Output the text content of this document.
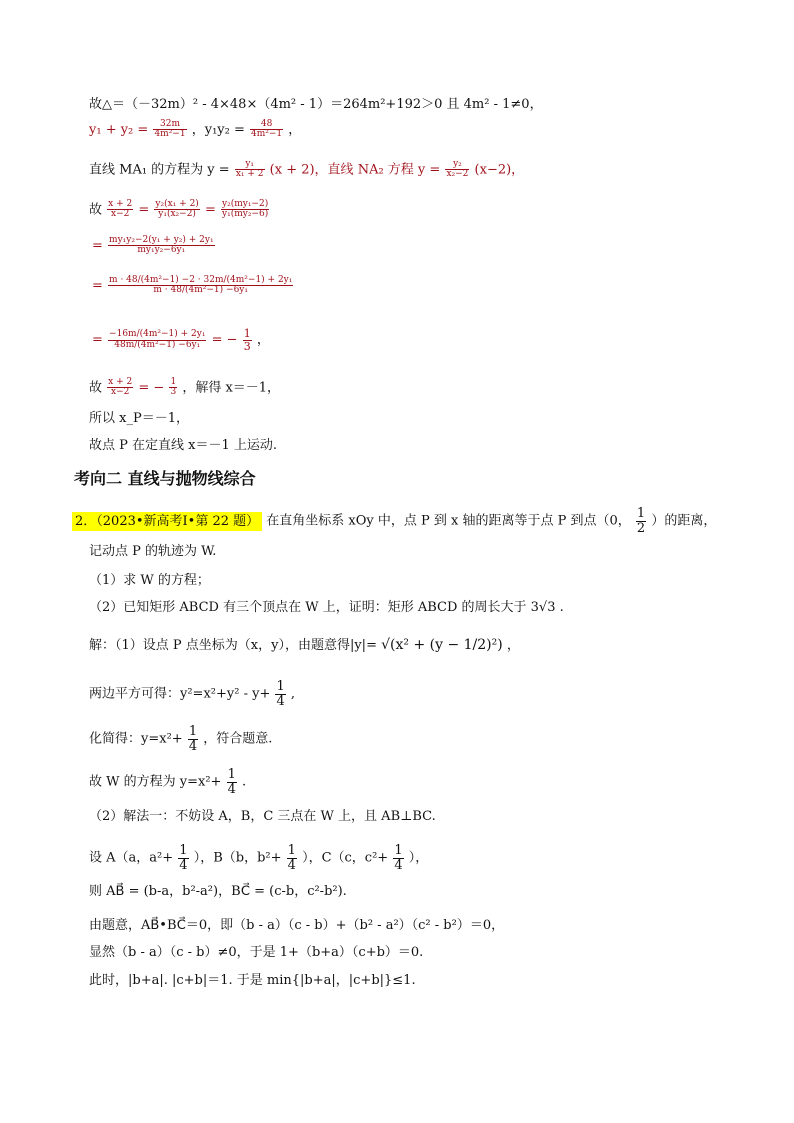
故△＝（－32m）² - 4×48×（4m² - 1）＝264m²+192＞0 且 4m² - 1≠0，
$y_1 + y_2 = \frac{32m}{\text{4m²−1}}$ ，$y_1y_2 = \frac{48}{\text{4m²−1}}$ ，
直线 MA₁ 的方程为 $y = \frac{\text{y₁}}{\text{x₁ + 2}} (x + 2)$，直线 NA₂ 方程 $y = \frac{\text{y₂}}{\text{x₂−2}} (x-2)$，
故 $\frac{x + 2}{x-2} = \frac{\text{y₂(x₁ + 2)}}{\text{y₁(x₂−2)}} = \frac{\text{y₂(my₁−2)}}{\text{y₁(my₂−6)}}$
= $\frac{\text{my₁y₂−2(y₁ + y₂) + 2y₁}}{\text{my₁y₂−6y₁}}$
= $\frac{\text{m · 48/(4m²−1) −2 · 32m/(4m²−1) + 2y₁}}{\text{m · 48/(4m²−1) −6y₁}}$
= $\frac{\text{−16m/(4m²−1) + 2y₁}}{\text{48m/(4m²−1) −6y₁}}$ = − $\frac{1}{3}$ ，
故 $\frac{x + 2}{x-2}$ = − $\frac{1}{3}$ ，解得 x＝－1，
所以 x_P＝－1，
故点 P 在定直线 x＝－1 上运动.
考向二 直线与抛物线综合
2．（2023•新高考Ⅰ•第 22 题） 在直角坐标系 xOy 中，点 P 到 x 轴的距离等于点 P 到点（0， $\frac{1}{2}$ ）的距离，
记动点 P 的轨迹为 W.
（1）求 W 的方程；
（2）已知矩形 ABCD 有三个顶点在 W 上，证明：矩形 ABCD 的周长大于 3√3 .
解：（1）设点 P 点坐标为（x，y），由题意得|y|= √(x² + (y − 1/2)²) ，
两边平方可得：$y^2=x^2+y^2 - y+ \frac{1}{4}$ ,
化简得：$y=x^2+ \frac{1}{4}$ ，符合题意.
故 W 的方程为 $y=x^2+ \frac{1}{4}$ .
（2）解法一：不妨设 A，B，C 三点在 W 上，且 AB⊥BC.
设 A（a，$a^2+ \frac{1}{4}$ ），B（b，$b^2+ \frac{1}{4}$ ），C（c，$c^2+ \frac{1}{4}$ ），
则 AB⃗ = (b-a，b²-a²)，BC⃗ = (c-b，c²-b²).
由题意，AB⃗•BC⃗＝0，即（b - a）（c - b）+（b² - a²）（c² - b²）＝0，
显然（b - a）（c - b）≠0，于是 1+（b+a）（c+b）＝0.
此时，|b+a|. |c+b|＝1. 于是 min{|b+a|，|c+b|}≤1.
